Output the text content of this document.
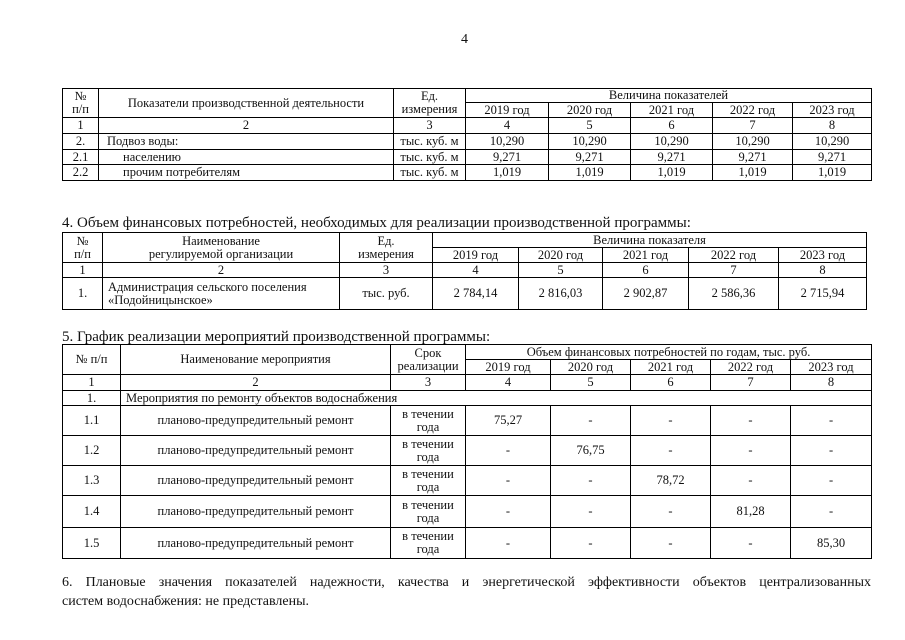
4
№
п/п	Показатели производственной деятельности	Ед.
измерения	Величина показателей				
			2019 год	2020 год	2021 год	2022 год	2023 год
1	2	3	4	5	6	7	8
2.	Подвоз воды:	тыс. куб. м	10,290	10,290	10,290	10,290	10,290
2.1	населению	тыс. куб. м	9,271	9,271	9,271	9,271	9,271
2.2	прочим потребителям	тыс. куб. м	1,019	1,019	1,019	1,019	1,019
4. Объем финансовых потребностей, необходимых для реализации производственной программы:
№
п/п	Наименование
регулируемой организации	Ед.
измерения	Величина показателя				
			2019 год	2020 год	2021 год	2022 год	2023 год
1	2	3	4	5	6	7	8
1.	Администрация сельского поселения «Подойницынское»	тыс. руб.	2 784,14	2 816,03	2 902,87	2 586,36	2 715,94
5. График реализации мероприятий производственной программы:
№ п/п	Наименование мероприятия	Срок реализации	Объем финансовых потребностей по годам, тыс. руб.				
			2019 год	2020 год	2021 год	2022 год	2023 год
1	2	3	4	5	6	7	8
1.	Мероприятия по ремонту объектов водоснабжения						
1.1	планово-предупредительный ремонт	в течении года	75,27	-	-	-	-
1.2	планово-предупредительный ремонт	в течении года	-	76,75	-	-	-
1.3	планово-предупредительный ремонт	в течении года	-	-	78,72	-	-
1.4	планово-предупредительный ремонт	в течении года	-	-	-	81,28	-
1.5	планово-предупредительный ремонт	в течении года	-	-	-	-	85,30
6. Плановые значения показателей надежности, качества и энергетической эффективности объектов централизованных
систем водоснабжения: не представлены.
